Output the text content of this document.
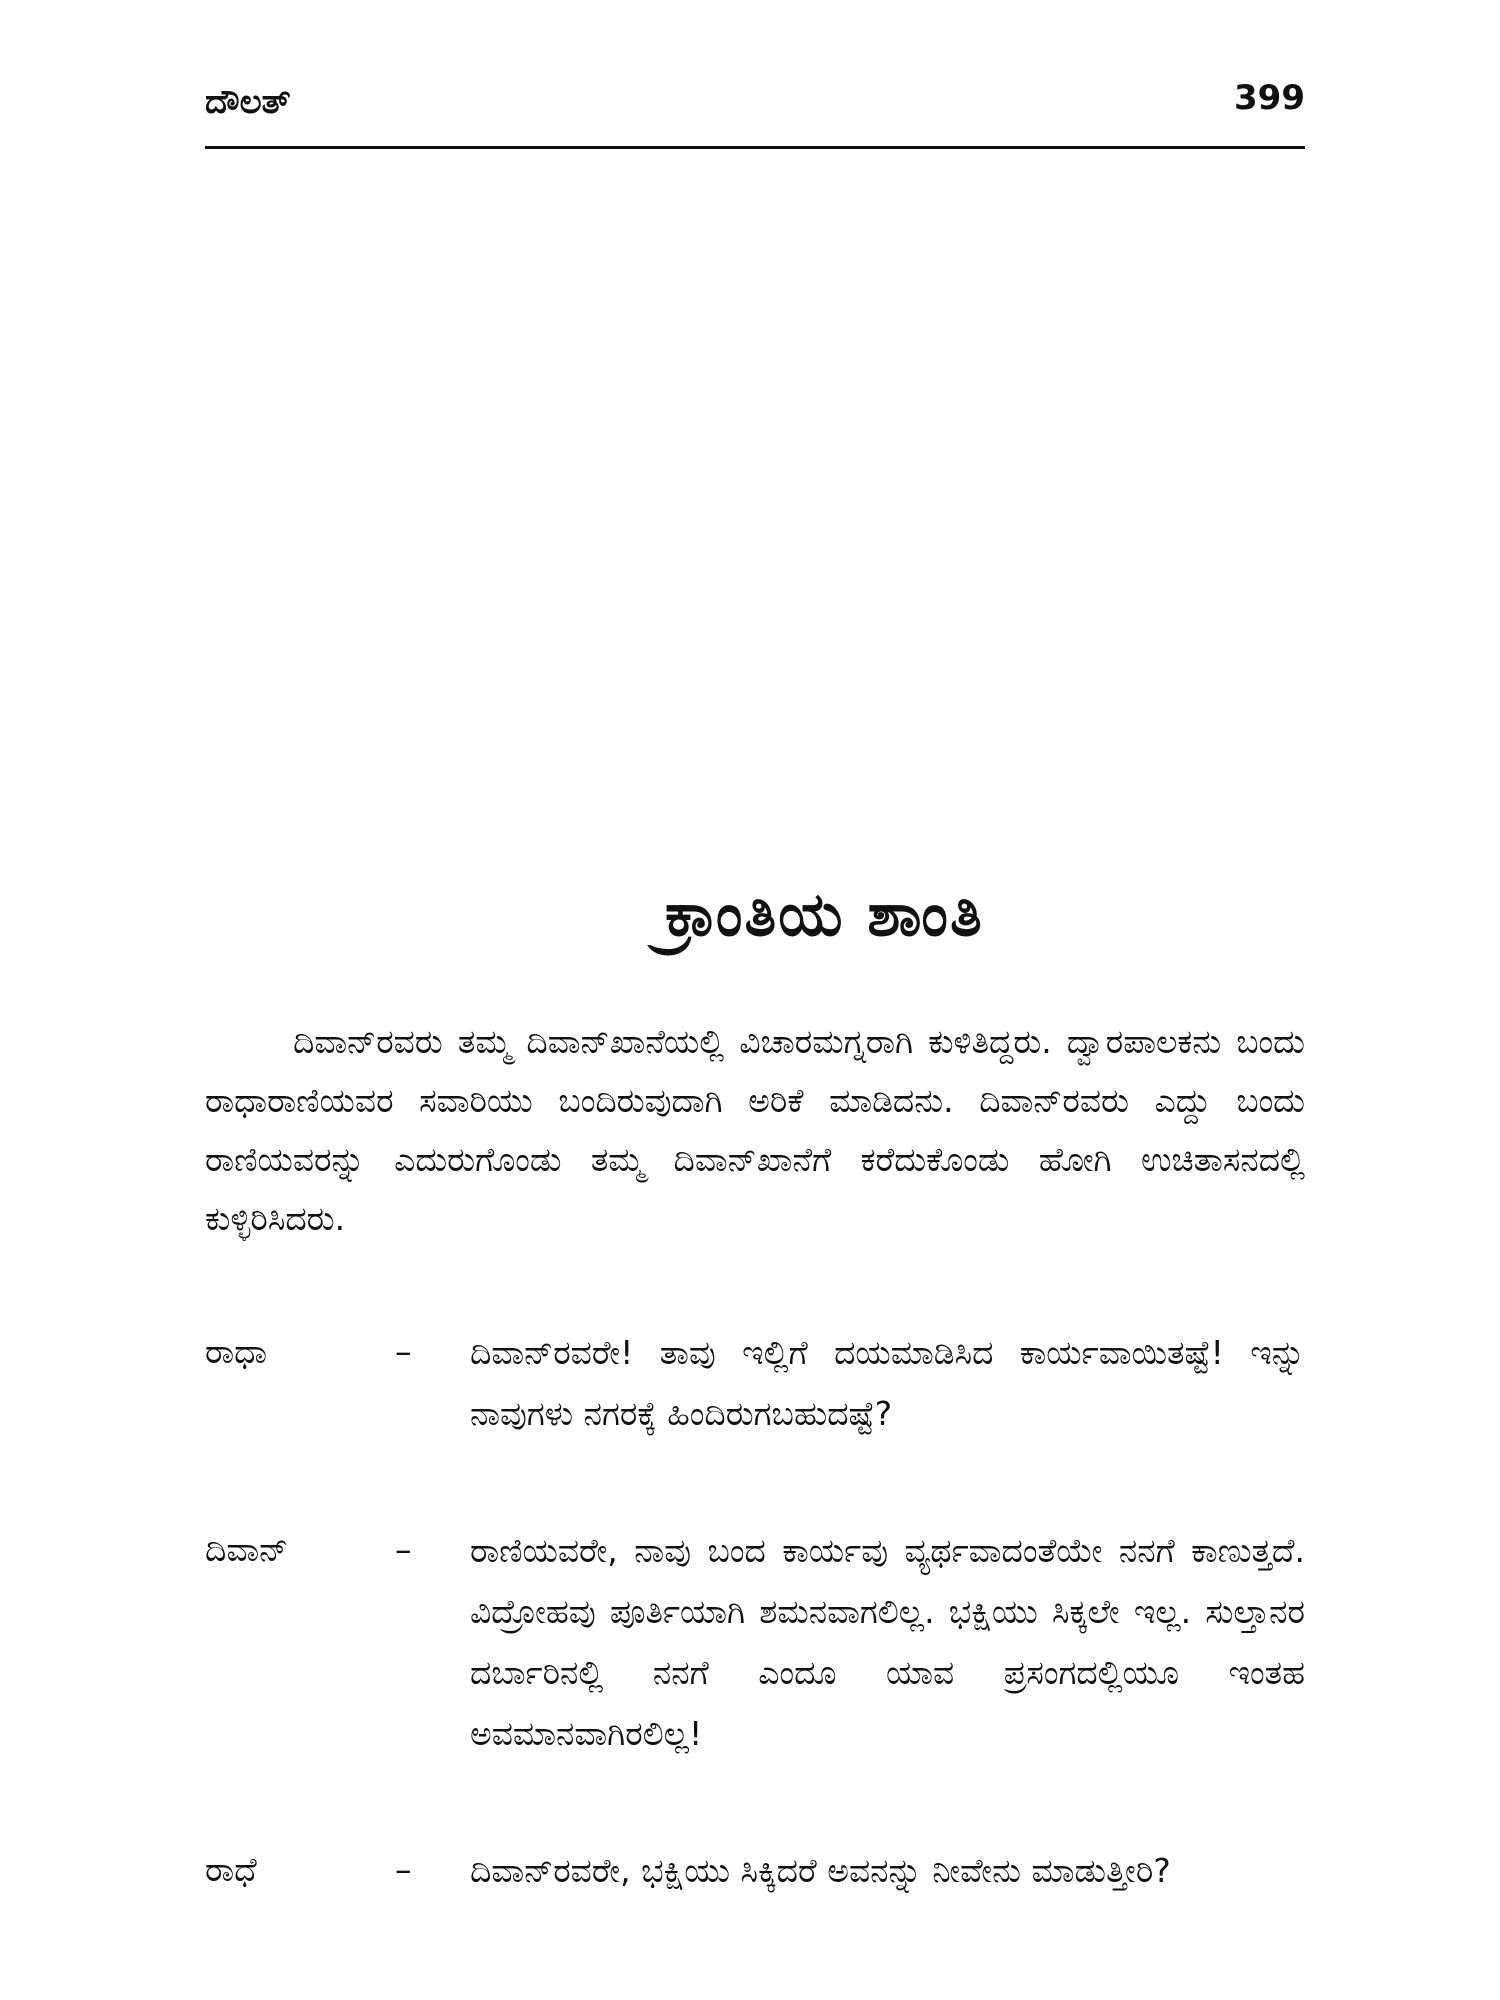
ದೌಲತ್	399
ಕ್ರಾಂತಿಯ ಶಾಂತಿ

ದಿವಾನ್‌ರವರು ತಮ್ಮ ದಿವಾನ್‌ಖಾನೆಯಲ್ಲಿ ವಿಚಾರಮಗ್ನರಾಗಿ ಕುಳಿತಿದ್ದರು. ದ್ವಾರಪಾಲಕನು ಬಂದು ರಾಧಾರಾಣಿಯವರ ಸವಾರಿಯು ಬಂದಿರುವುದಾಗಿ ಅರಿಕೆ ಮಾಡಿದನು. ದಿವಾನ್‌ರವರು ಎದ್ದು ಬಂದು ರಾಣಿಯವರನ್ನು ಎದುರುಗೊಂಡು ತಮ್ಮ ದಿವಾನ್‌ಖಾನೆಗೆ ಕರೆದುಕೊಂಡು ಹೋಗಿ ಉಚಿತಾಸನದಲ್ಲಿ ಕುಳ್ಳಿರಿಸಿದರು.

ರಾಧಾ	– ದಿವಾನ್‌ರವರೇ! ತಾವು ಇಲ್ಲಿಗೆ ದಯಮಾಡಿಸಿದ ಕಾರ್ಯವಾಯಿತಷ್ಟೆ! ಇನ್ನು ನಾವುಗಳು ನಗರಕ್ಕೆ ಹಿಂದಿರುಗಬಹುದಷ್ಟೆ?
ದಿವಾನ್	– ರಾಣಿಯವರೇ, ನಾವು ಬಂದ ಕಾರ್ಯವು ವ್ಯರ್ಥವಾದಂತೆಯೇ ನನಗೆ ಕಾಣುತ್ತದೆ. ವಿದ್ರೋಹವು ಪೂರ್ತಿಯಾಗಿ ಶಮನವಾಗಲಿಲ್ಲ. ಭಕ್ಷಿಯು ಸಿಕ್ಕಲೇ ಇಲ್ಲ. ಸುಲ್ತಾನರ ದರ್ಬಾರಿನಲ್ಲಿ ನನಗೆ ಎಂದೂ ಯಾವ ಪ್ರಸಂಗದಲ್ಲಿಯೂ ಇಂತಹ ಅವಮಾನವಾಗಿರಲಿಲ್ಲ!
ರಾಧೆ	– ದಿವಾನ್‌ರವರೇ, ಭಕ್ಷಿಯು ಸಿಕ್ಕಿದರೆ ಅವನನ್ನು ನೀವೇನು ಮಾಡುತ್ತೀರಿ?
